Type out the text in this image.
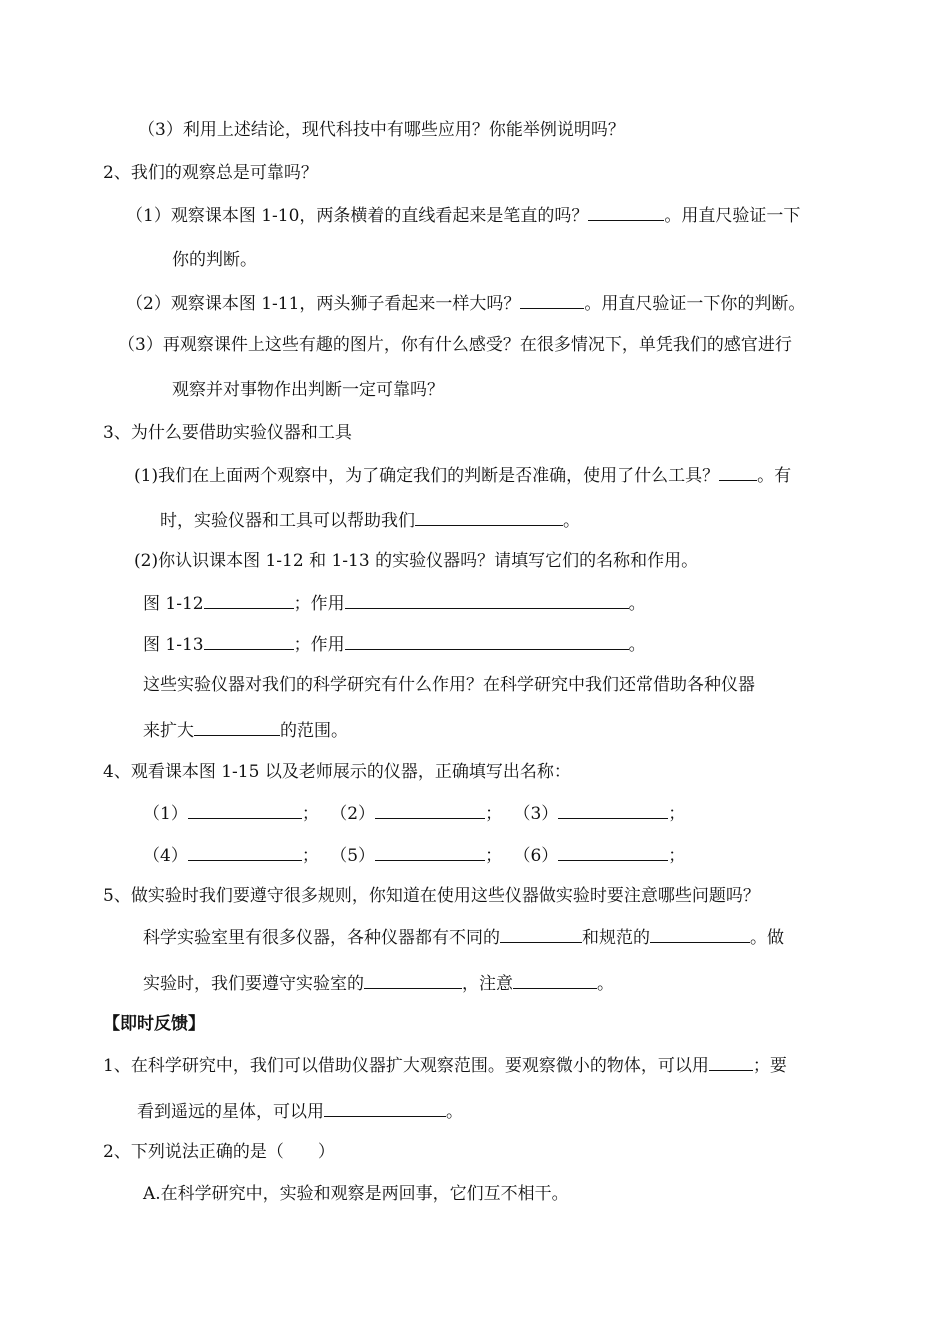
（3）利用上述结论，现代科技中有哪些应用？你能举例说明吗？
2、我们的观察总是可靠吗？
（1）观察课本图 1-10，两条横着的直线看起来是笔直的吗？	。用直尺验证一下
你的判断。
（2）观察课本图 1-11，两头狮子看起来一样大吗？	。用直尺验证一下你的判断。
（3）再观察课件上这些有趣的图片，你有什么感受？在很多情况下，单凭我们的感官进行
观察并对事物作出判断一定可靠吗？
3、为什么要借助实验仪器和工具
(1)我们在上面两个观察中，为了确定我们的判断是否准确，使用了什么工具？ 。有
时，实验仪器和工具可以帮助我们	。
(2)你认识课本图 1-12 和 1-13 的实验仪器吗？请填写它们的名称和作用。
图 1-12	；作用	。
图 1-13	；作用	。
这些实验仪器对我们的科学研究有什么作用？在科学研究中我们还常借助各种仪器
来扩大	的范围。
4、观看课本图 1-15 以及老师展示的仪器，正确填写出名称：
（1）	； （2）	； （3）	；
（4）	； （5）	； （6）	；
5、做实验时我们要遵守很多规则，你知道在使用这些仪器做实验时要注意哪些问题吗？
科学实验室里有很多仪器，各种仪器都有不同的	和规范的	。做
实验时，我们要遵守实验室的	，注意	。
【即时反馈】
1、在科学研究中，我们可以借助仪器扩大观察范围。要观察微小的物体，可以用	；要
看到遥远的星体，可以用	。
2、下列说法正确的是（　　）
A.在科学研究中，实验和观察是两回事，它们互不相干。
